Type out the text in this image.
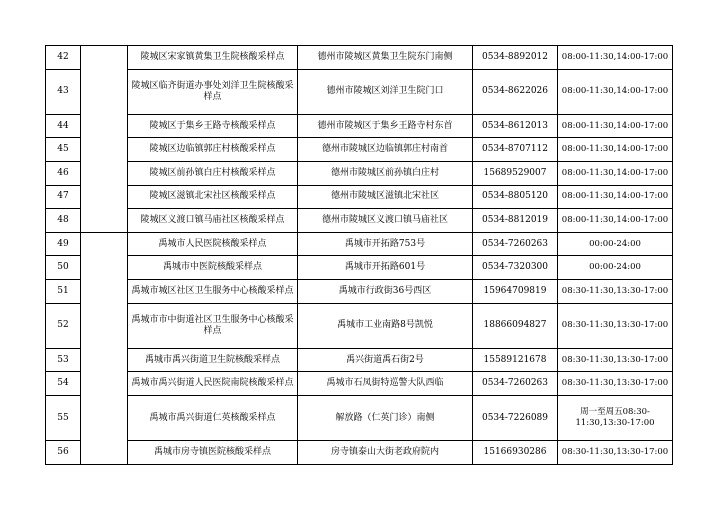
42		陵城区宋家镇黄集卫生院核酸采样点	德州市陵城区黄集卫生院东门南侧	0534-8892012	08:00-11:30,14:00-17:00
43		陵城区临齐街道办事处刘洋卫生院核酸采样点	德州市陵城区刘洋卫生院门口	0534-8622026	08:00-11:30,14:00-17:00
44		陵城区于集乡王路寺核酸采样点	德州市陵城区于集乡王路寺村东首	0534-8612013	08:00-11:30,14:00-17:00
45		陵城区边临镇郭庄村核酸采样点	德州市陵城区边临镇郭庄村南首	0534-8707112	08:00-11:30,14:00-17:00
46		陵城区前孙镇白庄村核酸采样点	德州市陵城区前孙镇白庄村	15689529007	08:00-11:30,14:00-17:00
47		陵城区滋镇北宋社区核酸采样点	德州市陵城区滋镇北宋社区	0534-8805120	08:00-11:30,14:00-17:00
48		陵城区义渡口镇马庙社区核酸采样点	德州市陵城区义渡口镇马庙社区	0534-8812019	08:00-11:30,14:00-17:00
49		禹城市人民医院核酸采样点	禹城市开拓路753号	0534-7260263	00:00-24:00
50		禹城市中医院核酸采样点	禹城市开拓路601号	0534-7320300	00:00-24:00
51		禹城市城区社区卫生服务中心核酸采样点	禹城市行政街36号西区	15964709819	08:30-11:30,13:30-17:00
52		禹城市市中街道社区卫生服务中心核酸采样点	禹城市工业南路8号凯悦	18866094827	08:30-11:30,13:30-17:00
53		禹城市禹兴街道卫生院核酸采样点	禹兴街道禹石街2号	15589121678	08:30-11:30,13:30-17:00
54		禹城市禹兴街道人民医院南院核酸采样点	禹城市石凤街特巡警大队西临	0534-7260263	08:30-11:30,13:30-17:00
55		禹城市禹兴街道仁英核酸采样点	解放路（仁英门诊）南侧	0534-7226089	周一至周五08:30-11:30,13:30-17:00
56		禹城市房寺镇医院核酸采样点	房寺镇泰山大街老政府院内	15166930286	08:30-11:30,13:30-17:00
